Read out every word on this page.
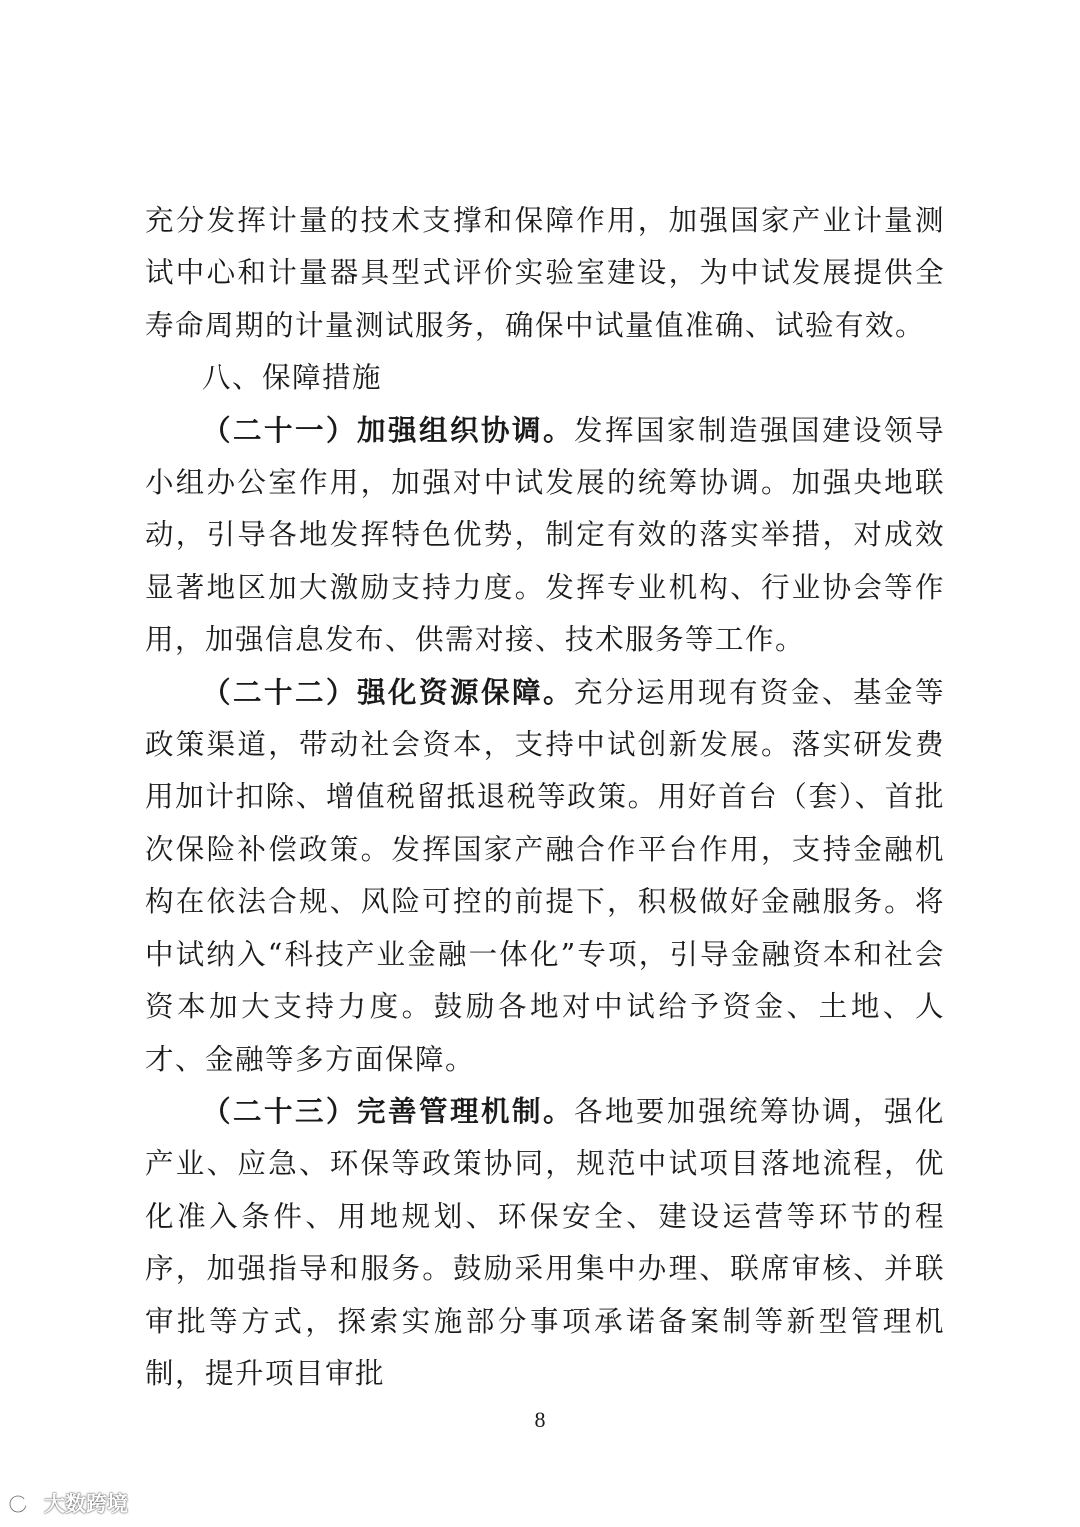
充分发挥计量的技术支撑和保障作用，加强国家产业计量测试中心和计量器具型式评价实验室建设，为中试发展提供全寿命周期的计量测试服务，确保中试量值准确、试验有效。

八、保障措施

（二十一）加强组织协调。发挥国家制造强国建设领导小组办公室作用，加强对中试发展的统筹协调。加强央地联动，引导各地发挥特色优势，制定有效的落实举措，对成效显著地区加大激励支持力度。发挥专业机构、行业协会等作用，加强信息发布、供需对接、技术服务等工作。

（二十二）强化资源保障。充分运用现有资金、基金等政策渠道，带动社会资本，支持中试创新发展。落实研发费用加计扣除、增值税留抵退税等政策。用好首台（套）、首批次保险补偿政策。发挥国家产融合作平台作用，支持金融机构在依法合规、风险可控的前提下，积极做好金融服务。将中试纳入“科技产业金融一体化”专项，引导金融资本和社会资本加大支持力度。鼓励各地对中试给予资金、土地、人才、金融等多方面保障。

（二十三）完善管理机制。各地要加强统筹协调，强化产业、应急、环保等政策协同，规范中试项目落地流程，优化准入条件、用地规划、环保安全、建设运营等环节的程序，加强指导和服务。鼓励采用集中办理、联席审核、并联审批等方式，探索实施部分事项承诺备案制等新型管理机制，提升项目审批

8
大数跨境
